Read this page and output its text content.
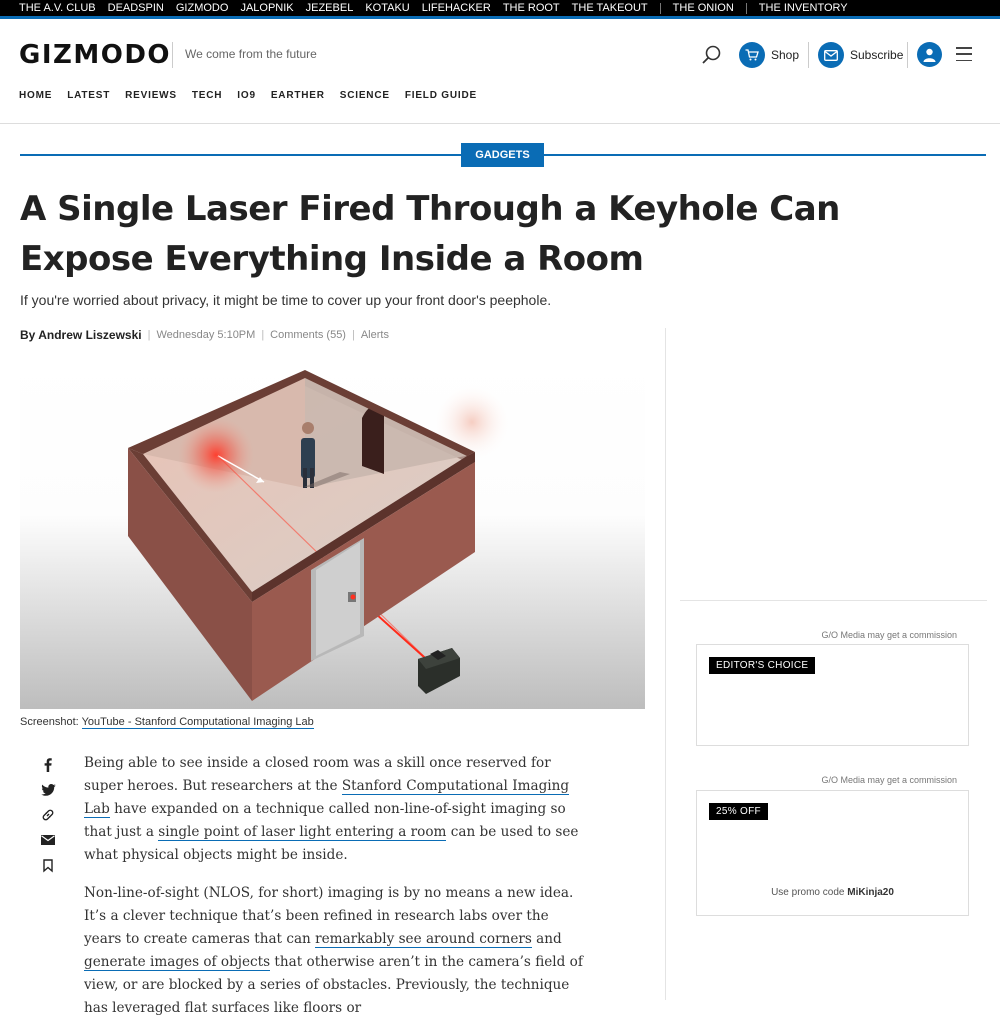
THE A.V. CLUB DEADSPIN GIZMODO JALOPNIK JEZEBEL KOTAKU LIFEHACKER THE ROOT THE TAKEOUT THE ONION THE INVENTORY
GIZMODO We come from the future	Shop	Subscribe
HOME LATEST REVIEWS TECH IO9 EARTHER SCIENCE FIELD GUIDE
GADGETS
A Single Laser Fired Through a Keyhole Can Expose Everything Inside a Room
If you're worried about privacy, it might be time to cover up your front door's peephole.
By Andrew Liszewski | Wednesday 5:10PM | Comments (55) | Alerts
Screenshot: YouTube - Stanford Computational Imaging Lab

Being able to see inside a closed room was a skill once reserved for super heroes. But researchers at the Stanford Computational Imaging Lab have expanded on a technique called non-line-of-sight imaging so that just a single point of laser light entering a room can be used to see what physical objects might be inside.

Non-line-of-sight (NLOS, for short) imaging is by no means a new idea. It’s a clever technique that’s been refined in research labs over the years to create cameras that can remarkably see around corners and generate images of objects that otherwise aren’t in the camera’s field of view, or are blocked by a series of obstacles. Previously, the technique has leveraged flat surfaces like floors or

G/O Media may get a commission
EDITOR'S CHOICE
G/O Media may get a commission
25% OFF
Use promo code MiKinja20
